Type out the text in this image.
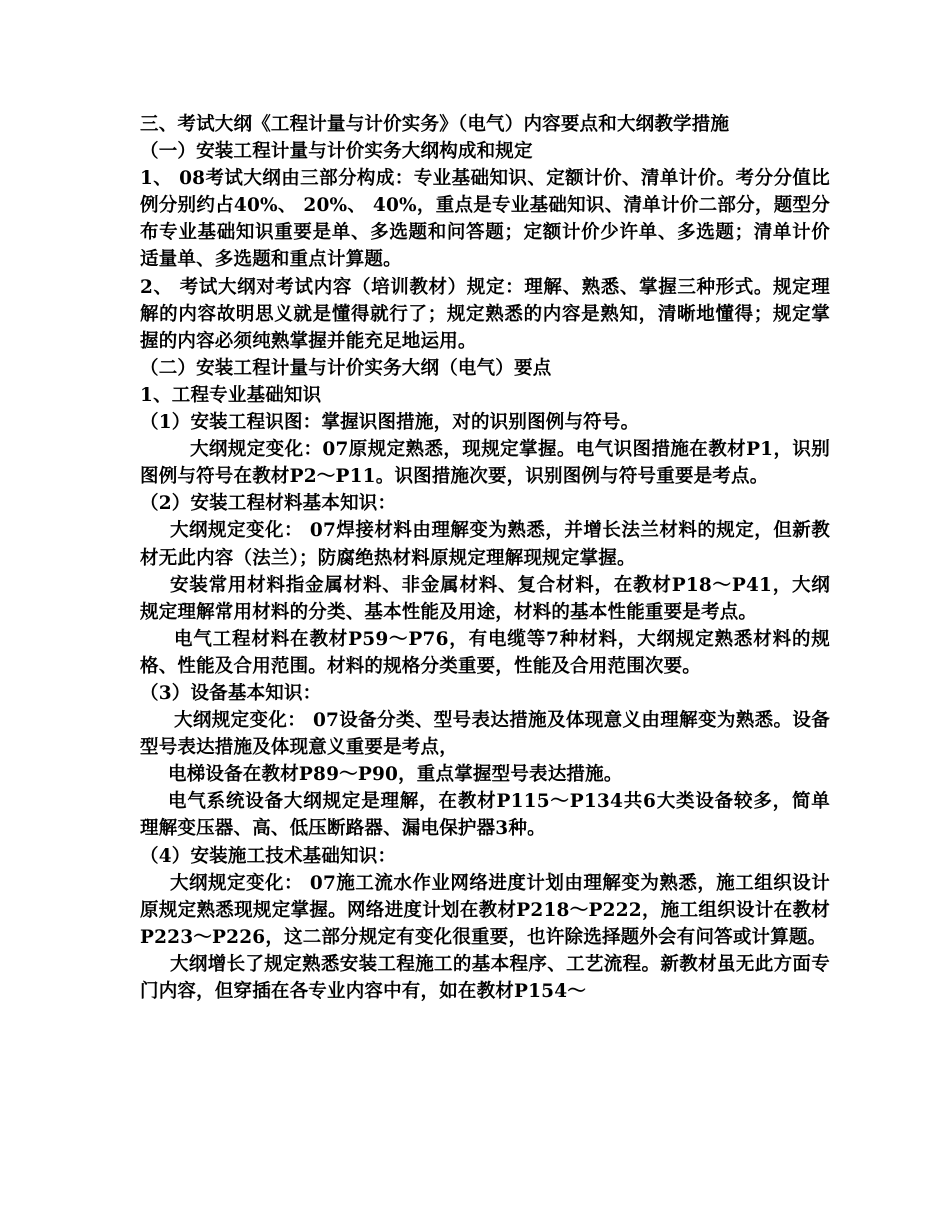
三、考试大纲《工程计量与计价实务》（电气）内容要点和大纲教学措施

（一）安装工程计量与计价实务大纲构成和规定

1、 08考试大纲由三部分构成：专业基础知识、定额计价、清单计价。考分分值比例分别约占40%、 20%、 40%，重点是专业基础知识、清单计价二部分，题型分布专业基础知识重要是单、多选题和问答题；定额计价少许单、多选题；清单计价适量单、多选题和重点计算题。

2、 考试大纲对考试内容（培训教材）规定：理解、熟悉、掌握三种形式。规定理解的内容故明思义就是懂得就行了；规定熟悉的内容是熟知，清晰地懂得；规定掌握的内容必须纯熟掌握并能充足地运用。

（二）安装工程计量与计价实务大纲（电气）要点

1、工程专业基础知识

（1）安装工程识图：掌握识图措施，对的识别图例与符号。

大纲规定变化：07原规定熟悉，现规定掌握。电气识图措施在教材P1，识别图例与符号在教材P2～P11。识图措施次要，识别图例与符号重要是考点。

（2）安装工程材料基本知识：

大纲规定变化： 07焊接材料由理解变为熟悉，并增长法兰材料的规定，但新教材无此内容（法兰）；防腐绝热材料原规定理解现规定掌握。

安装常用材料指金属材料、非金属材料、复合材料，在教材P18～P41，大纲规定理解常用材料的分类、基本性能及用途，材料的基本性能重要是考点。

电气工程材料在教材P59～P76，有电缆等7种材料，大纲规定熟悉材料的规格、性能及合用范围。材料的规格分类重要，性能及合用范围次要。

（3）设备基本知识：

大纲规定变化： 07设备分类、型号表达措施及体现意义由理解变为熟悉。设备型号表达措施及体现意义重要是考点，

电梯设备在教材P89～P90，重点掌握型号表达措施。

电气系统设备大纲规定是理解，在教材P115～P134共6大类设备较多，简单理解变压器、高、低压断路器、漏电保护器3种。

（4）安装施工技术基础知识：

大纲规定变化： 07施工流水作业网络进度计划由理解变为熟悉，施工组织设计原规定熟悉现规定掌握。网络进度计划在教材P218～P222，施工组织设计在教材P223～P226，这二部分规定有变化很重要，也许除选择题外会有问答或计算题。

大纲增长了规定熟悉安装工程施工的基本程序、工艺流程。新教材虽无此方面专门内容，但穿插在各专业内容中有，如在教材P154～
